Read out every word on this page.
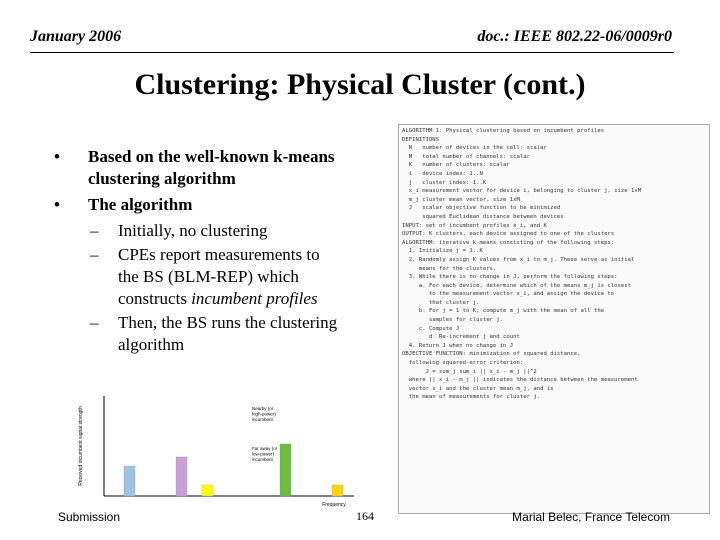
January 2006	doc.: IEEE 802.22-06/0009r0
Clustering: Physical Cluster (cont.)
• Based on the well-known k-means clustering algorithm
• The algorithm
– Initially, no clustering
– CPEs report measurements to the BS (BLM-REP) which constructs incumbent profiles
– Then, the BS runs the clustering algorithm
Received incumbent signal strength
Frequency
Nearby (or high-power) incumbent
Far away (or low-power) incumbent
ALGORITHM 1: Physical clustering based on incumbent profiles
DEFINITIONS
N   number of devices in the cell: scalar
M   total number of channels: scalar
K   number of clusters: scalar
i   device index: 1..N
j   cluster index: 1..K
x_i measurement vector for device i, belonging to cluster j, size 1xM
m_j cluster mean vector, size 1xM
J   scalar objective function to be minimized
squared Euclidean distance between devices
INPUT: set of incumbent profiles x_i, and K
OUTPUT: K clusters, each device assigned to one of the clusters
ALGORITHM: iterative k-means consisting of the following steps:
1. Initialize j = 1..K
2. Randomly assign K values from x_i to m_j. These serve as initial
means for the clusters.
3. While there is no change in J, perform the following steps:
a. For each device, determine which of the means m_j is closest
to the measurement vector x_i, and assign the device to
that cluster j.
b. For j = 1 to K, compute m_j with the mean of all the
samples for cluster j.
c. Compute J
d. Re-increment j and count
4. Return J when no change in J
OBJECTIVE FUNCTION: minimization of squared distance,
following squared-error criterion:
J = sum_j sum_i || x_i - m_j ||^2
where || x_i - m_j || indicates the distance between the measurement
vector x_i and the cluster mean m_j, and is
the mean of measurements for cluster j.
Submission	164	Marial Belec, France Telecom
